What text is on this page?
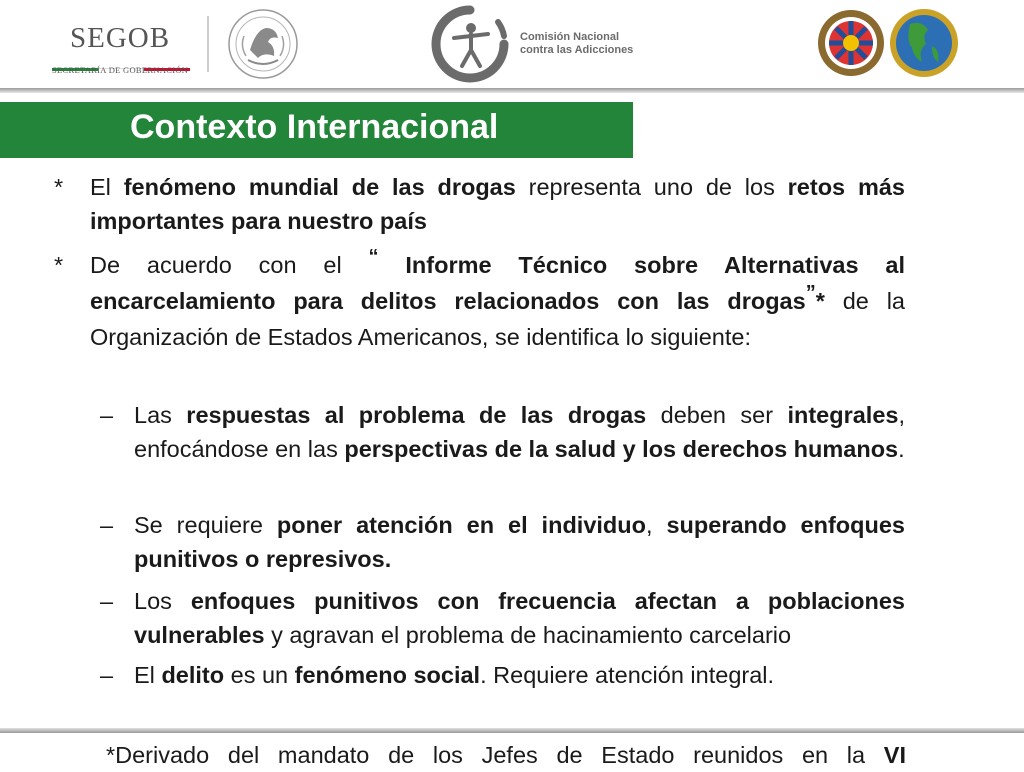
SEGOB
SECRETARÍA DE GOBERNACIÓN
Comisión Nacional
contra las Adicciones
Contexto Internacional
* El fenómeno mundial de las drogas representa uno de los retos más importantes para nuestro país
* De acuerdo con el “ Informe Técnico sobre Alternativas al encarcelamiento para delitos relacionados con las drogas”* de la Organización de Estados Americanos, se identifica lo siguiente:
– Las respuestas al problema de las drogas deben ser integrales, enfocándose en las perspectivas de la salud y los derechos humanos.
– Se requiere poner atención en el individuo, superando enfoques punitivos o represivos.
– Los enfoques punitivos con frecuencia afectan a poblaciones vulnerables y agravan el problema de hacinamiento carcelario
– El delito es un fenómeno social. Requiere atención integral.
*Derivado del mandato de los Jefes de Estado reunidos en la VI
